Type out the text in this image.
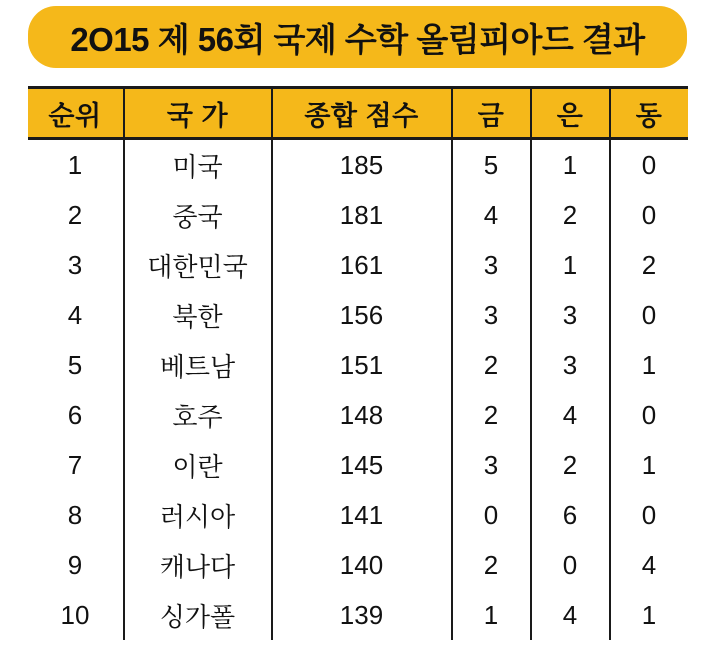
2O15 제 56회 국제 수학 올림피아드 결과
순위	국 가	종합 점수	금	은	동
1	미국	185	5	1	0
2	중국	181	4	2	0
3	대한민국	161	3	1	2
4	북한	156	3	3	0
5	베트남	151	2	3	1
6	호주	148	2	4	0
7	이란	145	3	2	1
8	러시아	141	0	6	0
9	캐나다	140	2	0	4
10	싱가폴	139	1	4	1
